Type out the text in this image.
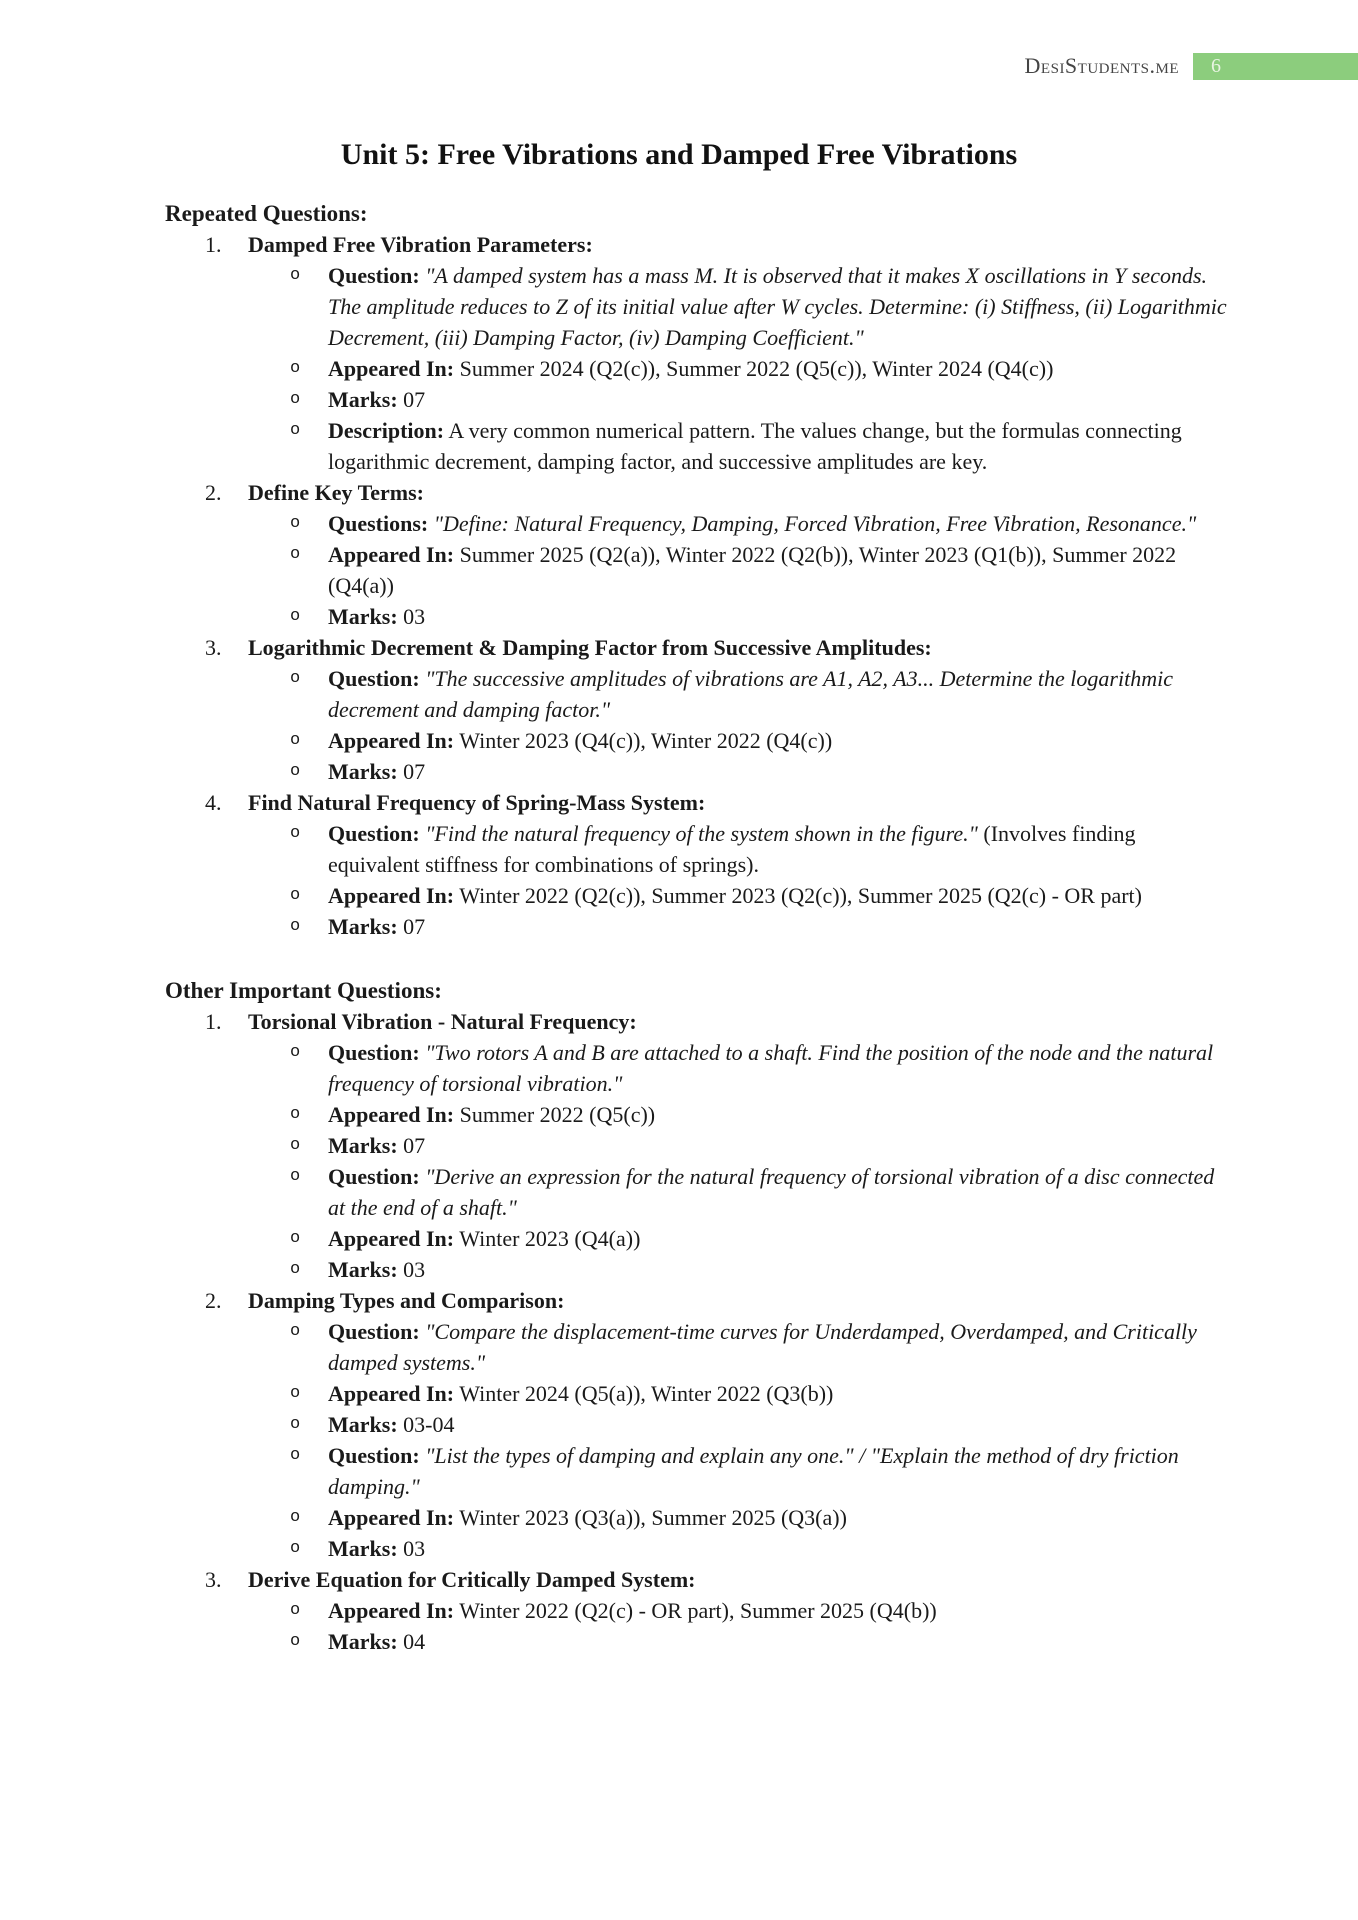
DesiStudents.me	6
Unit 5: Free Vibrations and Damped Free Vibrations
Repeated Questions:
1.	Damped Free Vibration Parameters:
o	Question: "A damped system has a mass M. It is observed that it makes X oscillations in Y seconds. The amplitude reduces to Z of its initial value after W cycles. Determine: (i) Stiffness, (ii) Logarithmic Decrement, (iii) Damping Factor, (iv) Damping Coefficient."
o	Appeared In: Summer 2024 (Q2(c)), Summer 2022 (Q5(c)), Winter 2024 (Q4(c))
o	Marks: 07
o	Description: A very common numerical pattern. The values change, but the formulas connecting logarithmic decrement, damping factor, and successive amplitudes are key.
2.	Define Key Terms:
o	Questions: "Define: Natural Frequency, Damping, Forced Vibration, Free Vibration, Resonance."
o	Appeared In: Summer 2025 (Q2(a)), Winter 2022 (Q2(b)), Winter 2023 (Q1(b)), Summer 2022 (Q4(a))
o	Marks: 03
3.	Logarithmic Decrement & Damping Factor from Successive Amplitudes:
o	Question: "The successive amplitudes of vibrations are A1, A2, A3... Determine the logarithmic decrement and damping factor."
o	Appeared In: Winter 2023 (Q4(c)), Winter 2022 (Q4(c))
o	Marks: 07
4.	Find Natural Frequency of Spring-Mass System:
o	Question: "Find the natural frequency of the system shown in the figure." (Involves finding equivalent stiffness for combinations of springs).
o	Appeared In: Winter 2022 (Q2(c)), Summer 2023 (Q2(c)), Summer 2025 (Q2(c) - OR part)
o	Marks: 07
Other Important Questions:
1.	Torsional Vibration - Natural Frequency:
o	Question: "Two rotors A and B are attached to a shaft. Find the position of the node and the natural frequency of torsional vibration."
o	Appeared In: Summer 2022 (Q5(c))
o	Marks: 07
o	Question: "Derive an expression for the natural frequency of torsional vibration of a disc connected at the end of a shaft."
o	Appeared In: Winter 2023 (Q4(a))
o	Marks: 03
2.	Damping Types and Comparison:
o	Question: "Compare the displacement-time curves for Underdamped, Overdamped, and Critically damped systems."
o	Appeared In: Winter 2024 (Q5(a)), Winter 2022 (Q3(b))
o	Marks: 03-04
o	Question: "List the types of damping and explain any one." / "Explain the method of dry friction damping."
o	Appeared In: Winter 2023 (Q3(a)), Summer 2025 (Q3(a))
o	Marks: 03
3.	Derive Equation for Critically Damped System:
o	Appeared In: Winter 2022 (Q2(c) - OR part), Summer 2025 (Q4(b))
o	Marks: 04
